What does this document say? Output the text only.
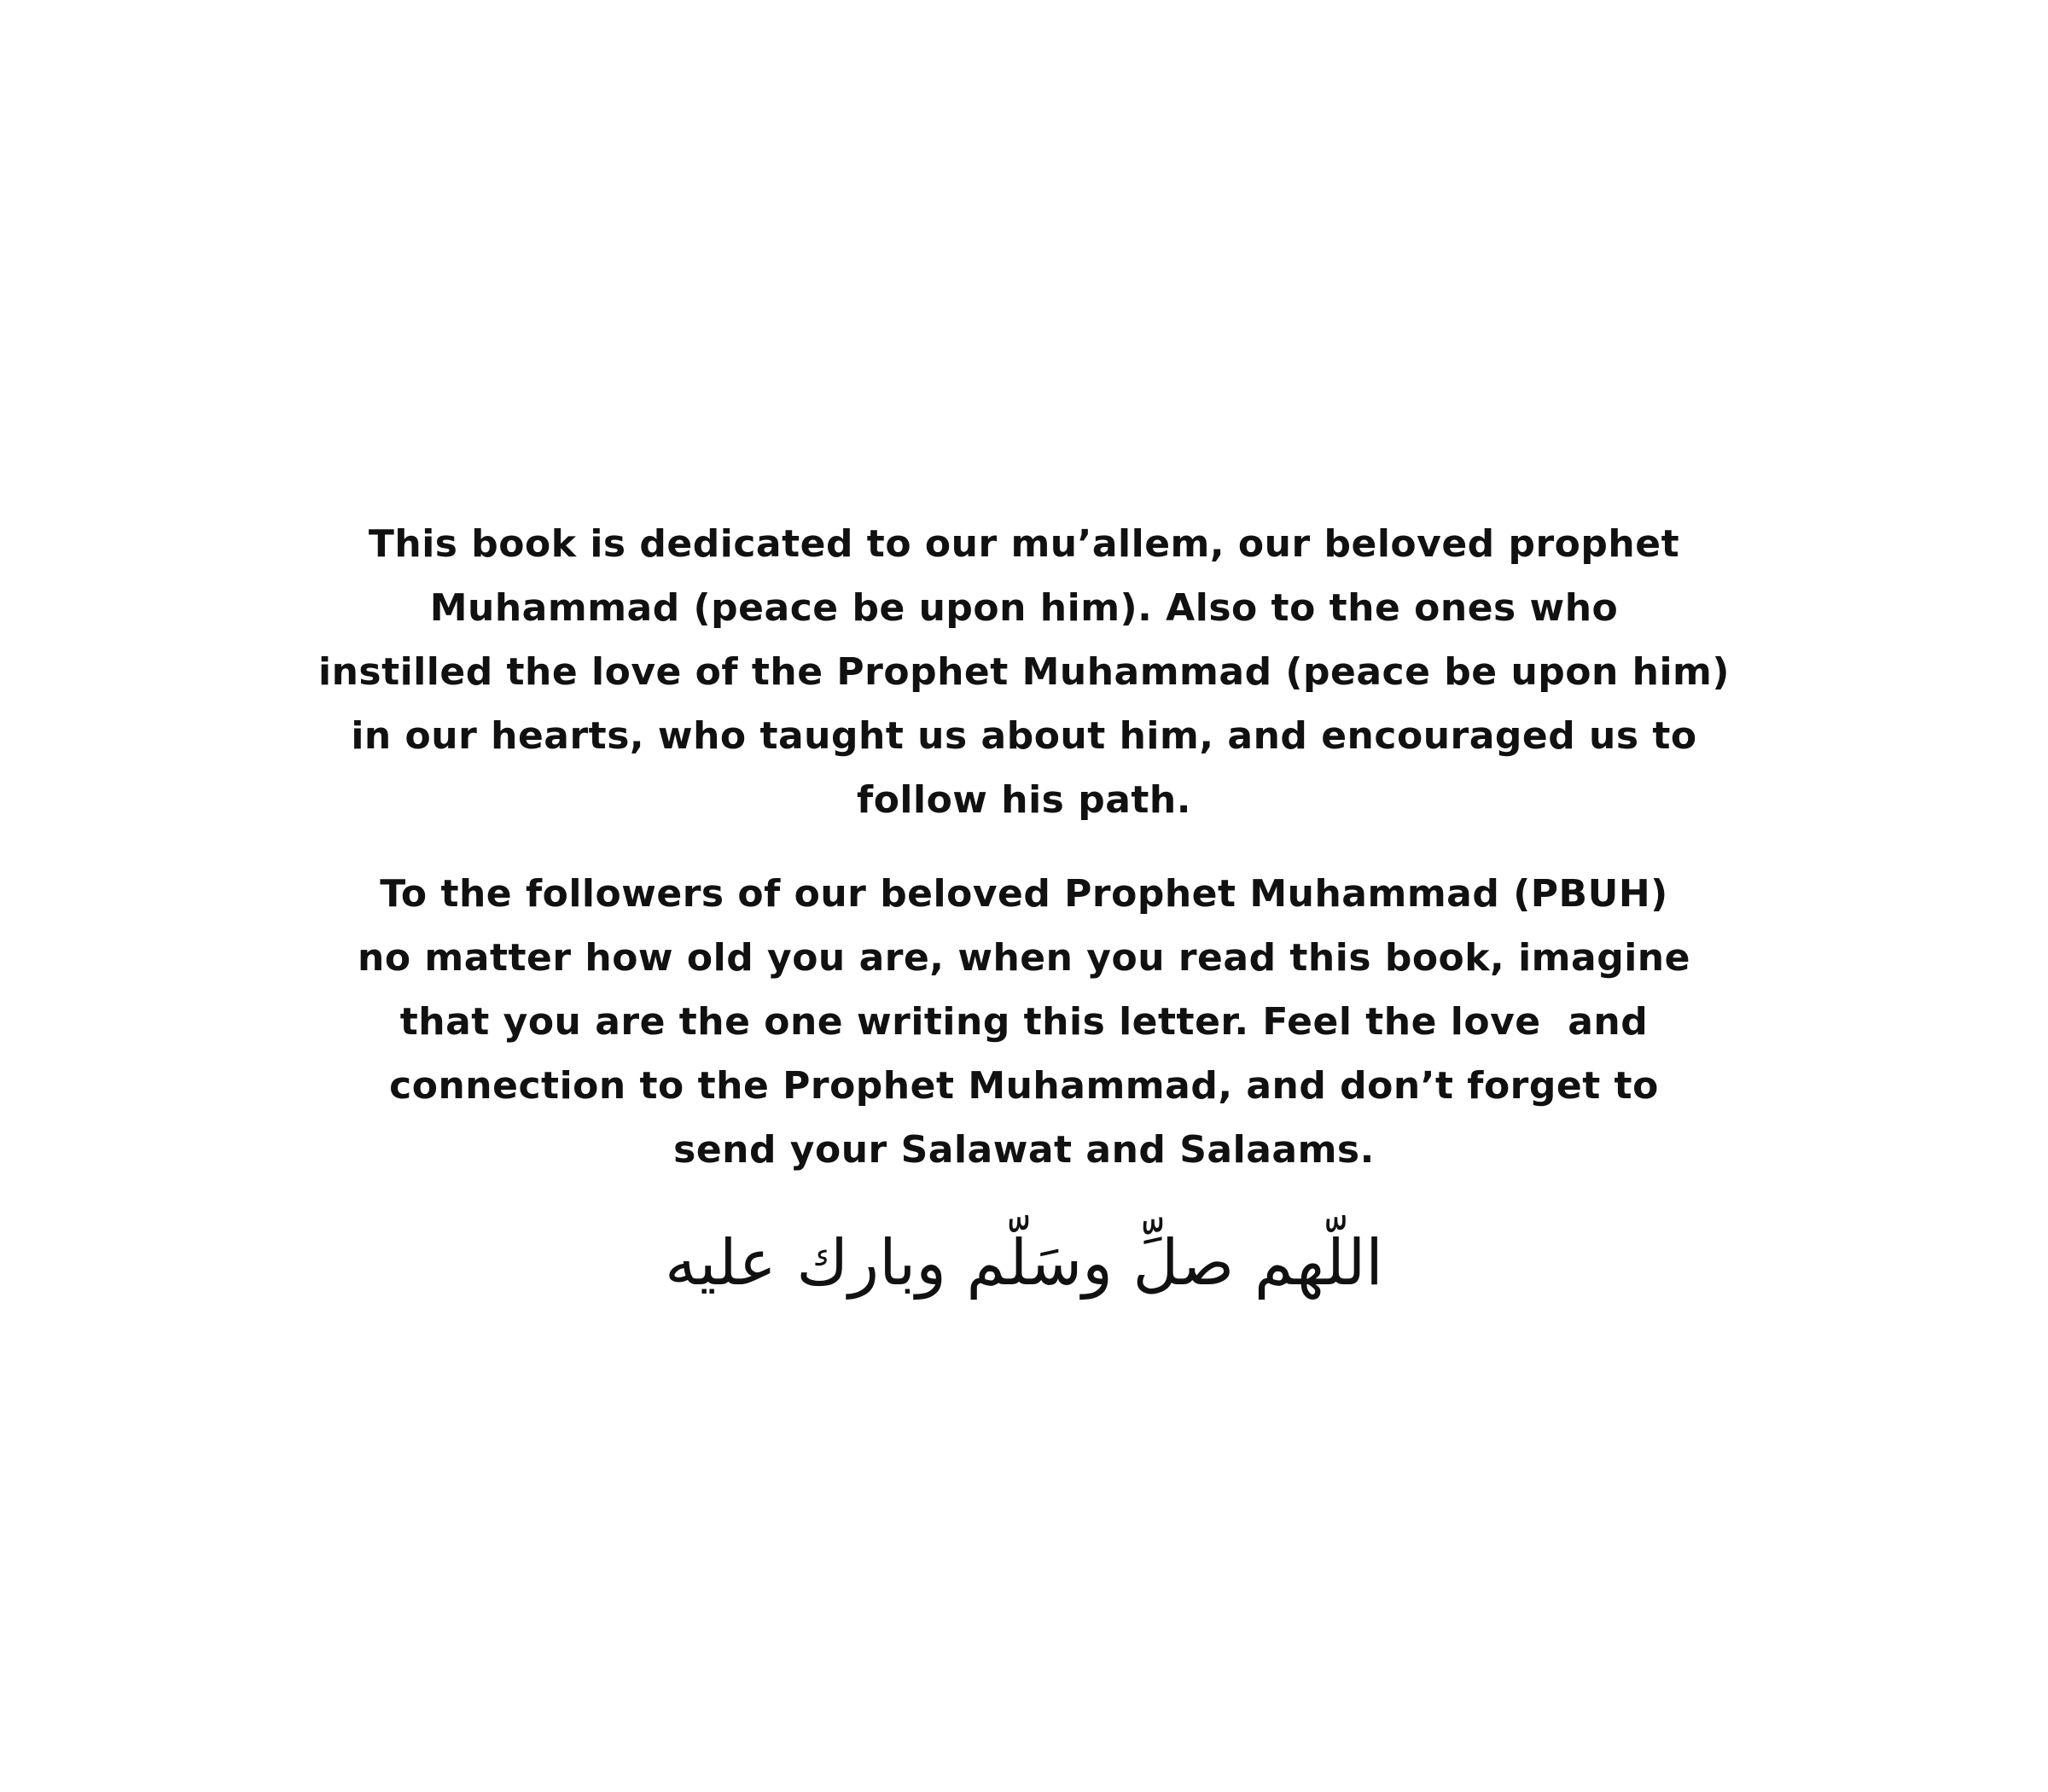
This book is dedicated to our mu’allem, our beloved prophet
Muhammad (peace be upon him). Also to the ones who
instilled the love of the Prophet Muhammad (peace be upon him)
in our hearts, who taught us about him, and encouraged us to
follow his path.

To the followers of our beloved Prophet Muhammad (PBUH)
no matter how old you are, when you read this book, imagine
that you are the one writing this letter. Feel the love  and
connection to the Prophet Muhammad, and don’t forget to
send your Salawat and Salaams.

اللّهم صلِّ وسَلّم وبارك عليه
